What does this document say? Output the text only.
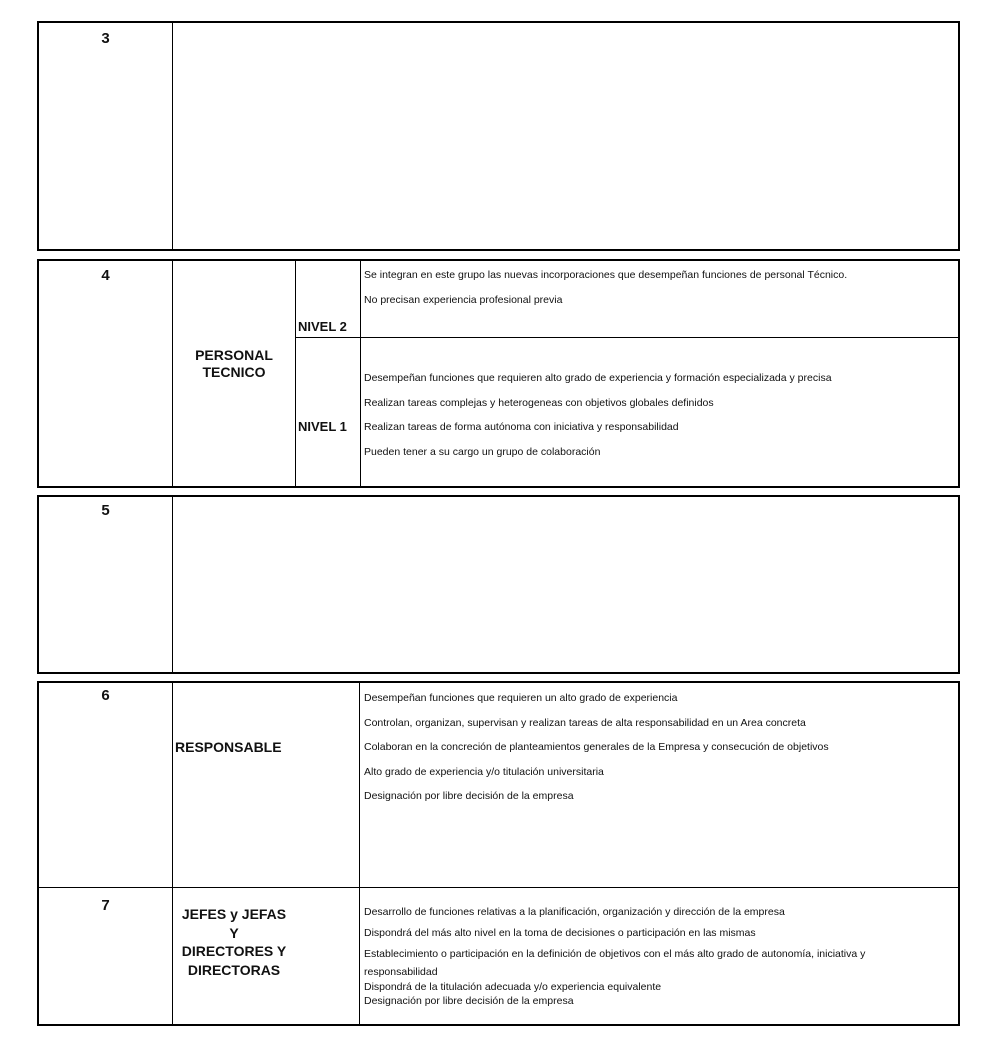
3
4
PERSONAL
TECNICO
NIVEL 2
Se integran en este grupo las nuevas incorporaciones que desempeñan funciones de personal Técnico.
No precisan experiencia profesional previa
NIVEL 1
Desempeñan funciones que requieren alto grado de experiencia y formación especializada y precisa
Realizan tareas complejas y heterogeneas con objetivos globales definidos
Realizan tareas de forma autónoma con iniciativa y responsabilidad
Pueden tener a su cargo un grupo de colaboración
5
6
RESPONSABLE
Desempeñan funciones que requieren un alto grado de experiencia
Controlan, organizan, supervisan y realizan tareas de alta responsabilidad en un Area concreta
Colaboran en la concreción de planteamientos generales de la Empresa y consecución de objetivos
Alto grado de experiencia y/o titulación universitaria
Designación por libre decisión de la empresa
7	JEFES y JEFAS
Y
DIRECTORES Y
DIRECTORAS
Desarrollo de funciones relativas a la planificación, organización y dirección de la empresa
Dispondrá del más alto nivel en la toma de decisiones o participación en las mismas
Establecimiento o participación en la definición de objetivos con el más alto grado de autonomía, iniciativa y
responsabilidad
Dispondrá de la titulación adecuada y/o experiencia equivalente
Designación por libre decisión de la empresa
